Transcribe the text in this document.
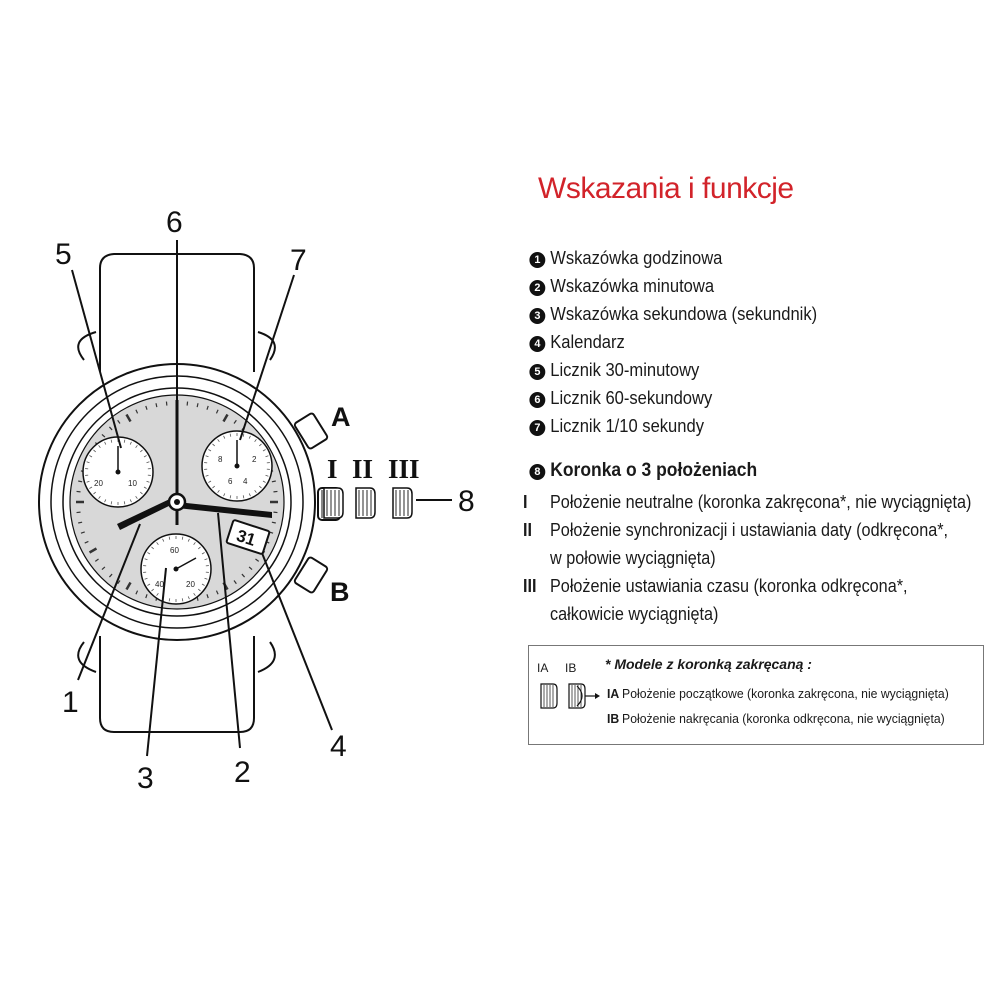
20	10
8	2
6 4
60
40	20
31
1
2
3
4
5
6
7
8
A
B
I II III
Wskazania i funkcje
1 Wskazówka godzinowa
2 Wskazówka minutowa
3 Wskazówka sekundowa (sekundnik)
4 Kalendarz
5 Licznik 30-minutowy
6 Licznik 60-sekundowy
7 Licznik 1/10 sekundy
8 Koronka o 3 położeniach
I Położenie neutralne (koronka zakręcona*, nie wyciągnięta)
II Położenie synchronizacji i ustawiania daty (odkręcona*,
w połowie wyciągnięta)
III Położenie ustawiania czasu (koronka odkręcona*,
całkowicie wyciągnięta)
IA IB * Modele z koronką zakręcaną :
IA Położenie początkowe (koronka zakręcona, nie wyciągnięta)
IB Położenie nakręcania (koronka odkręcona, nie wyciągnięta)
